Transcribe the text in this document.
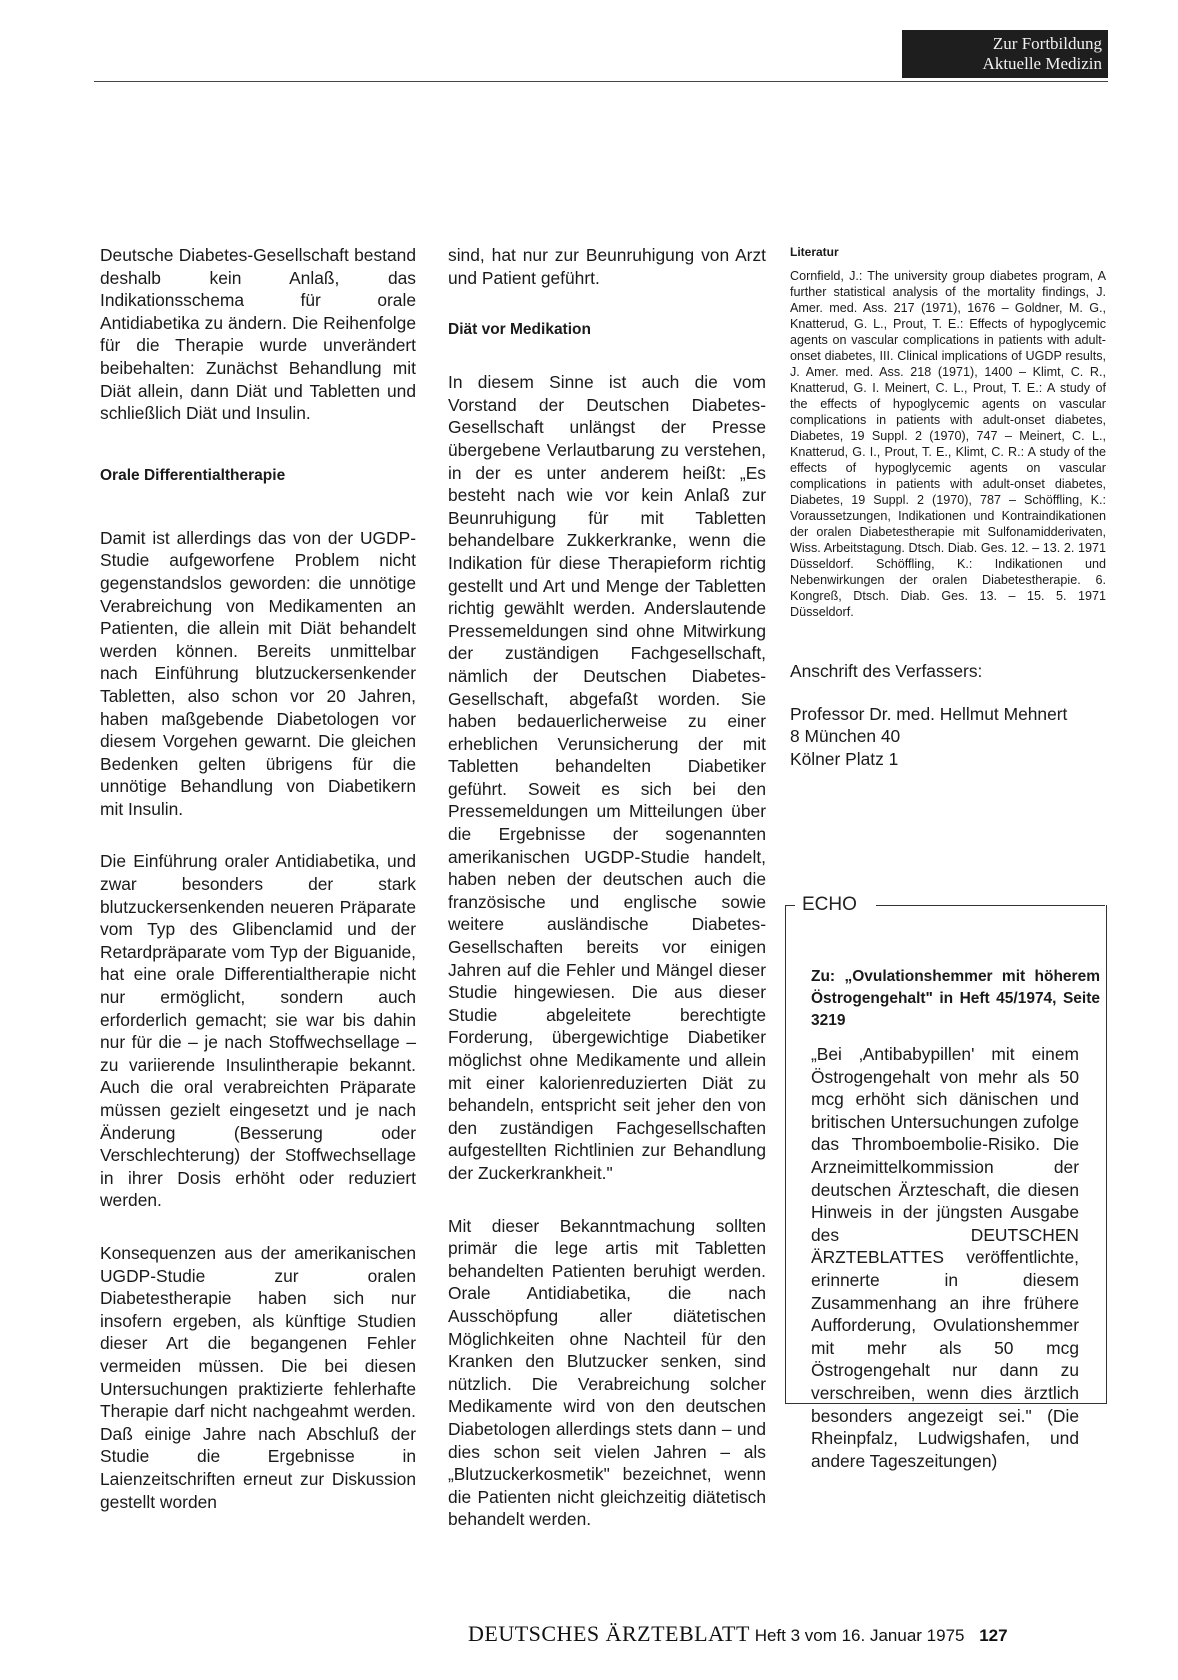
Zur Fortbildung
Aktuelle Medizin

Deutsche Diabetes-Gesellschaft bestand deshalb kein Anlaß, das Indikationsschema für orale Antidiabetika zu ändern. Die Reihenfolge für die Therapie wurde unverändert beibehalten: Zunächst Behandlung mit Diät allein, dann Diät und Tabletten und schließlich Diät und Insulin.

Orale Differentialtherapie

Damit ist allerdings das von der UGDP-Studie aufgeworfene Problem nicht gegenstandslos geworden: die unnötige Verabreichung von Medikamenten an Patienten, die allein mit Diät behandelt werden können. Bereits unmittelbar nach Einführung blutzuckersenkender Tabletten, also schon vor 20 Jahren, haben maßgebende Diabetologen vor diesem Vorgehen gewarnt. Die gleichen Bedenken gelten übrigens für die unnötige Behandlung von Diabetikern mit Insulin.

Die Einführung oraler Antidiabetika, und zwar besonders der stark blutzuckersenkenden neueren Präparate vom Typ des Glibenclamid und der Retardpräparate vom Typ der Biguanide, hat eine orale Differentialtherapie nicht nur ermöglicht, sondern auch erforderlich gemacht; sie war bis dahin nur für die – je nach Stoffwechsellage – zu variierende Insulintherapie bekannt. Auch die oral verabreichten Präparate müssen gezielt eingesetzt und je nach Änderung (Besserung oder Verschlechterung) der Stoffwechsellage in ihrer Dosis erhöht oder reduziert werden.

Konsequenzen aus der amerikanischen UGDP-Studie zur oralen Diabetestherapie haben sich nur insofern ergeben, als künftige Studien dieser Art die begangenen Fehler vermeiden müssen. Die bei diesen Untersuchungen praktizierte fehlerhafte Therapie darf nicht nachgeahmt werden. Daß einige Jahre nach Abschluß der Studie die Ergebnisse in Laienzeitschriften erneut zur Diskussion gestellt worden

sind, hat nur zur Beunruhigung von Arzt und Patient geführt.

Diät vor Medikation

In diesem Sinne ist auch die vom Vorstand der Deutschen Diabetes-Gesellschaft unlängst der Presse übergebene Verlautbarung zu verstehen, in der es unter anderem heißt: „Es besteht nach wie vor kein Anlaß zur Beunruhigung für mit Tabletten behandelbare Zukkerkranke, wenn die Indikation für diese Therapieform richtig gestellt und Art und Menge der Tabletten richtig gewählt werden. Anderslautende Pressemeldungen sind ohne Mitwirkung der zuständigen Fachgesellschaft, nämlich der Deutschen Diabetes-Gesellschaft, abgefaßt worden. Sie haben bedauerlicherweise zu einer erheblichen Verunsicherung der mit Tabletten behandelten Diabetiker geführt. Soweit es sich bei den Pressemeldungen um Mitteilungen über die Ergebnisse der sogenannten amerikanischen UGDP-Studie handelt, haben neben der deutschen auch die französische und englische sowie weitere ausländische Diabetes-Gesellschaften bereits vor einigen Jahren auf die Fehler und Mängel dieser Studie hingewiesen. Die aus dieser Studie abgeleitete berechtigte Forderung, übergewichtige Diabetiker möglichst ohne Medikamente und allein mit einer kalorienreduzierten Diät zu behandeln, entspricht seit jeher den von den zuständigen Fachgesellschaften aufgestellten Richtlinien zur Behandlung der Zuckerkrankheit."

Mit dieser Bekanntmachung sollten primär die lege artis mit Tabletten behandelten Patienten beruhigt werden. Orale Antidiabetika, die nach Ausschöpfung aller diätetischen Möglichkeiten ohne Nachteil für den Kranken den Blutzucker senken, sind nützlich. Die Verabreichung solcher Medikamente wird von den deutschen Diabetologen allerdings stets dann – und dies schon seit vielen Jahren – als „Blutzuckerkosmetik" bezeichnet, wenn die Patienten nicht gleichzeitig diätetisch behandelt werden.

Literatur

Cornfield, J.: The university group diabetes program, A further statistical analysis of the mortality findings, J. Amer. med. Ass. 217 (1971), 1676 – Goldner, M. G., Knatterud, G. L., Prout, T. E.: Effects of hypoglycemic agents on vascular complications in patients with adult-onset diabetes, III. Clinical implications of UGDP results, J. Amer. med. Ass. 218 (1971), 1400 – Klimt, C. R., Knatterud, G. I. Meinert, C. L., Prout, T. E.: A study of the effects of hypoglycemic agents on vascular complications in patients with adult-onset diabetes, Diabetes, 19 Suppl. 2 (1970), 747 – Meinert, C. L., Knatterud, G. I., Prout, T. E., Klimt, C. R.: A study of the effects of hypoglycemic agents on vascular complications in patients with adult-onset diabetes, Diabetes, 19 Suppl. 2 (1970), 787 – Schöffling, K.: Voraussetzungen, Indikationen und Kontraindikationen der oralen Diabetestherapie mit Sulfonamidderivaten, Wiss. Arbeitstagung. Dtsch. Diab. Ges. 12. – 13. 2. 1971 Düsseldorf. Schöffling, K.: Indikationen und Nebenwirkungen der oralen Diabetestherapie. 6. Kongreß, Dtsch. Diab. Ges. 13. – 15. 5. 1971 Düsseldorf.

Anschrift des Verfassers:

Professor Dr. med. Hellmut Mehnert

8 München 40

Kölner Platz 1

ECHO

Zu: „Ovulationshemmer mit höherem Östrogengehalt" in Heft 45/1974, Seite 3219

„Bei ‚Antibabypillen' mit einem Östrogengehalt von mehr als 50 mcg erhöht sich dänischen und britischen Untersuchungen zufolge das Thromboembolie-Risiko. Die Arzneimittelkommission der deutschen Ärzteschaft, die diesen Hinweis in der jüngsten Ausgabe des DEUTSCHEN ÄRZTEBLATTES veröffentlichte, erinnerte in diesem Zusammenhang an ihre frühere Aufforderung, Ovulationshemmer mit mehr als 50 mcg Östrogengehalt nur dann zu verschreiben, wenn dies ärztlich besonders angezeigt sei." (Die Rheinpfalz, Ludwigshafen, und andere Tageszeitungen)

DEUTSCHES ÄRZTEBLATT Heft 3 vom 16. Januar 1975 127
